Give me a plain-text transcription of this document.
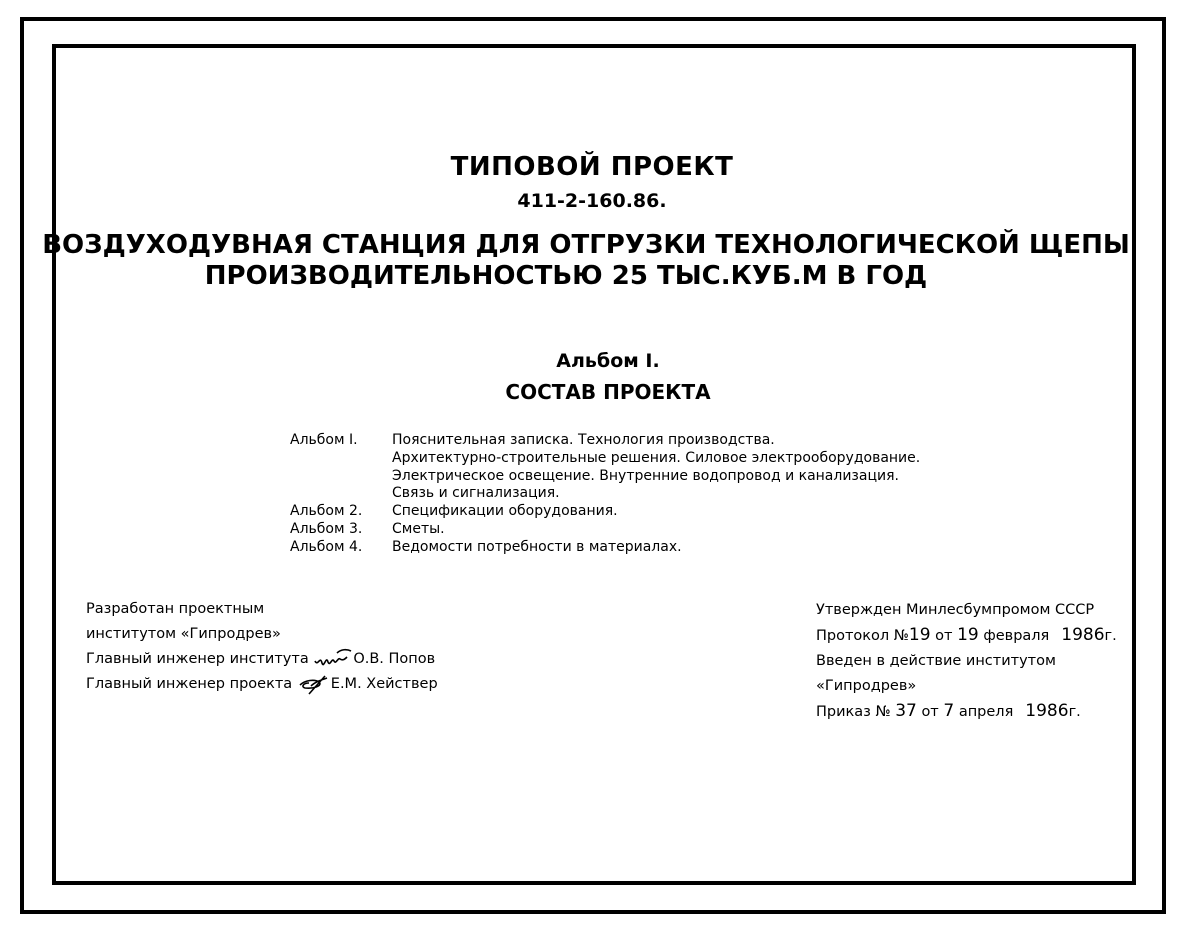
ТИПОВОЙ ПРОЕКТ
411-2-160.86.
ВОЗДУХОДУВНАЯ СТАНЦИЯ ДЛЯ ОТГРУЗКИ ТЕХНОЛОГИЧЕСКОЙ ЩЕПЫ
ПРОИЗВОДИТЕЛЬНОСТЬЮ 25 ТЫС.КУБ.М В ГОД
Альбом I.
СОСТАВ ПРОЕКТА
Альбом I.	Пояснительная записка. Технология производства.
Архитектурно-строительные решения. Силовое электрооборудование.
Электрическое освещение. Внутренние водопровод и канализация.
Связь и сигнализация.
Альбом 2.	Спецификации оборудования.
Альбом 3.	Сметы.
Альбом 4.	Ведомости потребности в материалах.
Разработан проектным
институтом «Гипродрев»
Главный инженер института	О.В. Попов
Главный инженер проекта	Е.М. Хействер
Утвержден Минлесбумпромом СССР
Протокол №19 от 19 февраля 1986г.
Введен в действие институтом
«Гипродрев»
Приказ № 37 от 7 апреля 1986г.
